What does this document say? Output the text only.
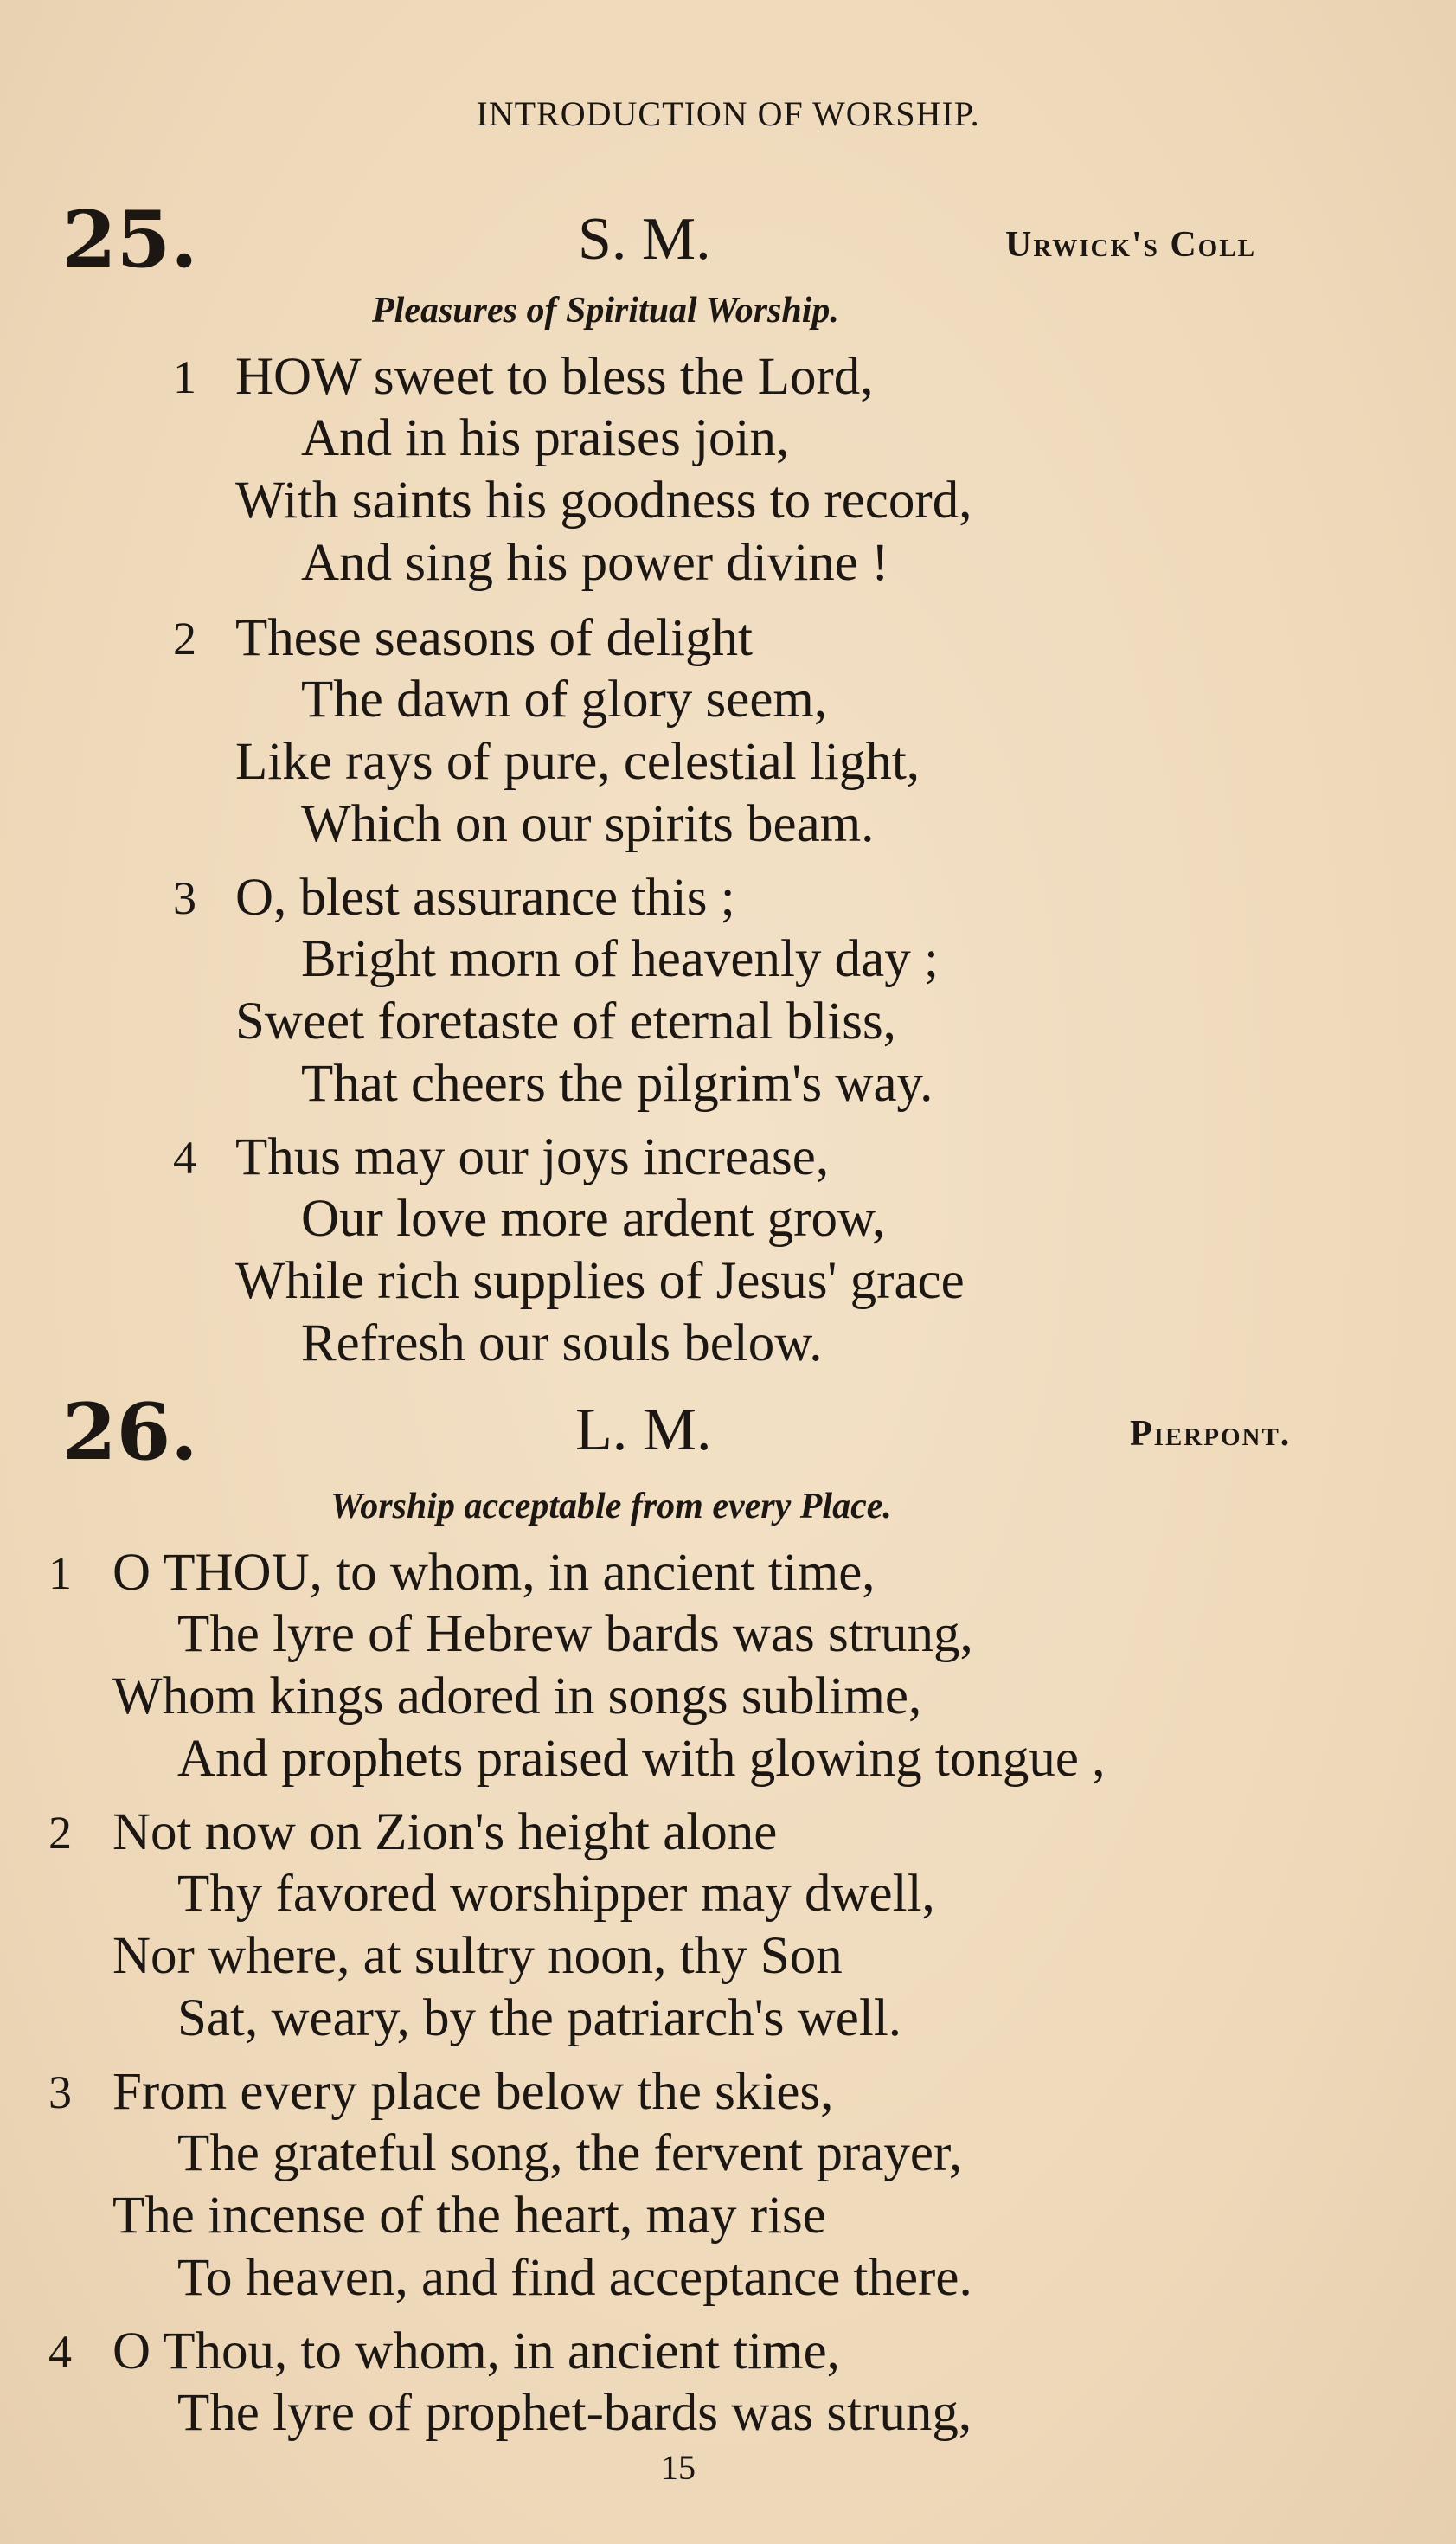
INTRODUCTION OF WORSHIP.
25.	S. M.	Urwick's Coll
Pleasures of Spiritual Worship.
1 HOW sweet to bless the Lord,
And in his praises join,
With saints his goodness to record,
And sing his power divine !
2 These seasons of delight
The dawn of glory seem,
Like rays of pure, celestial light,
Which on our spirits beam.
3 O, blest assurance this ;
Bright morn of heavenly day ;
Sweet foretaste of eternal bliss,
That cheers the pilgrim's way.
4 Thus may our joys increase,
Our love more ardent grow,
While rich supplies of Jesus' grace
Refresh our souls below.
26.	L. M.	Pierpont.
Worship acceptable from every Place.
1 O THOU, to whom, in ancient time,
The lyre of Hebrew bards was strung,
Whom kings adored in songs sublime,
And prophets praised with glowing tongue ,
2 Not now on Zion's height alone
Thy favored worshipper may dwell,
Nor where, at sultry noon, thy Son
Sat, weary, by the patriarch's well.
3 From every place below the skies,
The grateful song, the fervent prayer,
The incense of the heart, may rise
To heaven, and find acceptance there.
4 O Thou, to whom, in ancient time,
The lyre of prophet-bards was strung,
15
